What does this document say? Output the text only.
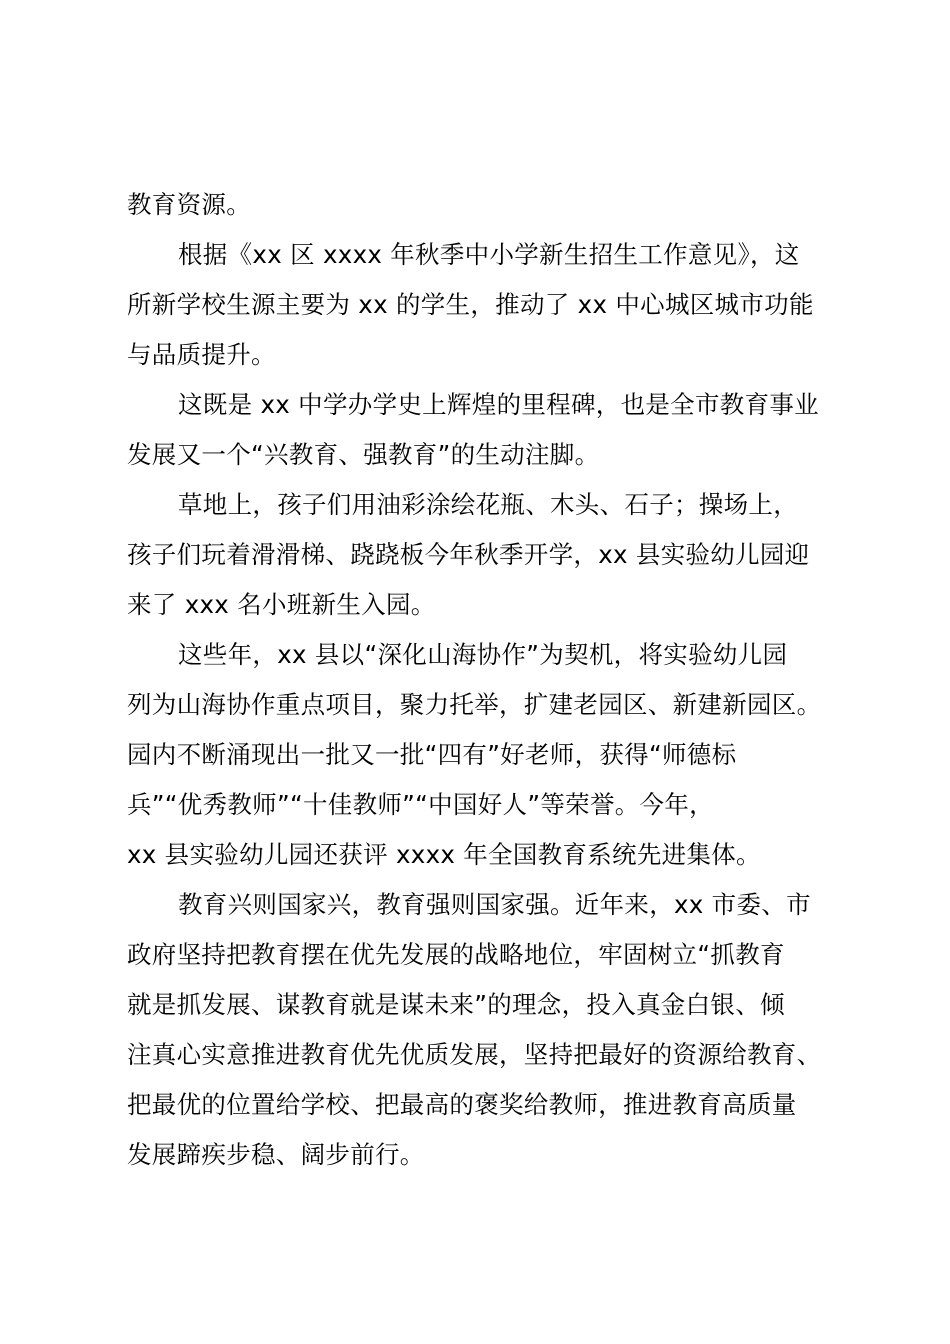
教育资源。
根据《xx 区 xxxx 年秋季中小学新生招生工作意见》，这
所新学校生源主要为 xx 的学生，推动了 xx 中心城区城市功能
与品质提升。
这既是 xx 中学办学史上辉煌的里程碑，也是全市教育事业
发展又一个“兴教育、强教育”的生动注脚。
草地上，孩子们用油彩涂绘花瓶、木头、石子；操场上，
孩子们玩着滑滑梯、跷跷板今年秋季开学，xx 县实验幼儿园迎
来了 xxx 名小班新生入园。
这些年，xx 县以“深化山海协作”为契机，将实验幼儿园
列为山海协作重点项目，聚力托举，扩建老园区、新建新园区。
园内不断涌现出一批又一批“四有”好老师，获得“师德标
兵”“优秀教师”“十佳教师”“中国好人”等荣誉。今年，
xx 县实验幼儿园还获评 xxxx 年全国教育系统先进集体。
教育兴则国家兴，教育强则国家强。近年来，xx 市委、市
政府坚持把教育摆在优先发展的战略地位，牢固树立“抓教育
就是抓发展、谋教育就是谋未来”的理念，投入真金白银、倾
注真心实意推进教育优先优质发展，坚持把最好的资源给教育、
把最优的位置给学校、把最高的褒奖给教师，推进教育高质量
发展蹄疾步稳、阔步前行。
